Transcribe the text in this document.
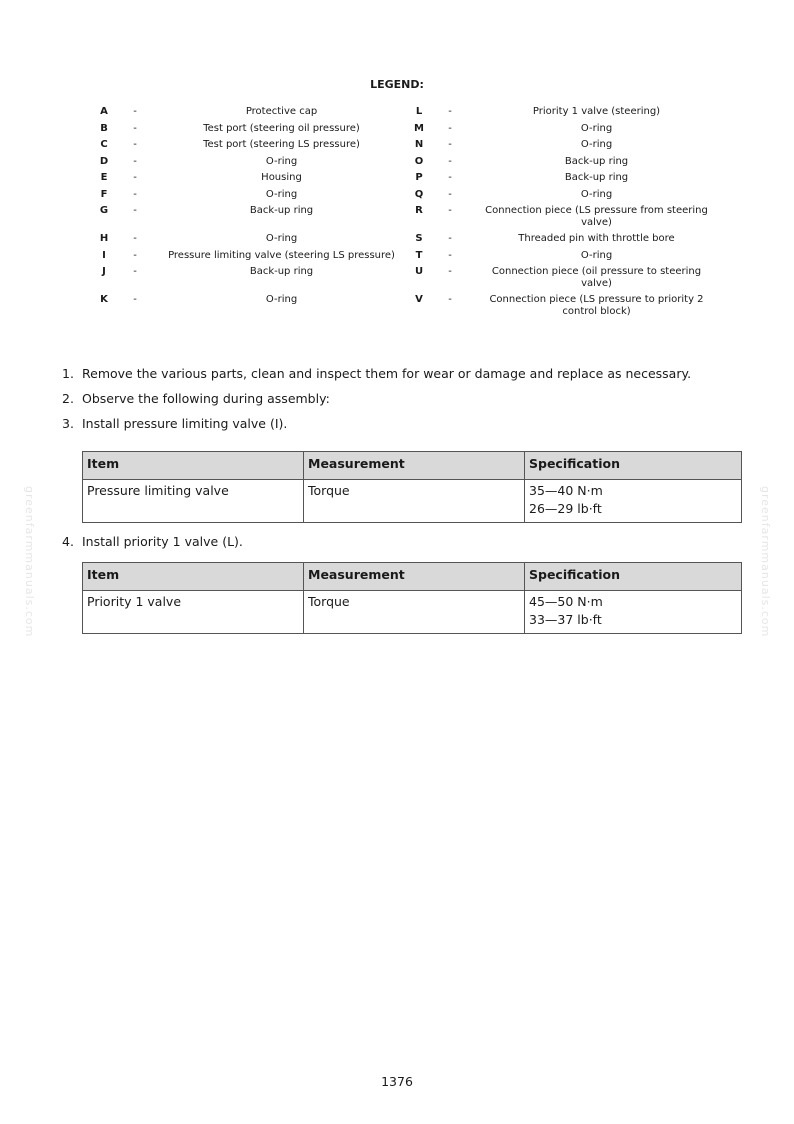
LEGEND:
A	-	Protective cap	L	-	Priority 1 valve (steering)
B	-	Test port (steering oil pressure)	M	-	O-ring
C	-	Test port (steering LS pressure)	N	-	O-ring
D	-	O-ring	O	-	Back-up ring
E	-	Housing	P	-	Back-up ring
F	-	O-ring	Q	-	O-ring
G	-	Back-up ring	R	-	Connection piece (LS pressure from steering valve)
H	-	O-ring	S	-	Threaded pin with throttle bore
I	-	Pressure limiting valve (steering LS pressure)	T	-	O-ring
J	-	Back-up ring	U	-	Connection piece (oil pressure to steering valve)
K	-	O-ring	V	-	Connection piece (LS pressure to priority 2 control block)
1. Remove the various parts, clean and inspect them for wear or damage and replace as necessary.
2. Observe the following during assembly:
3. Install pressure limiting valve (I).
4. Install priority 1 valve (L).
Item	Measurement	Specification
Pressure limiting valve	Torque	35—40 N·m
26—29 lb·ft
Item	Measurement	Specification
Priority 1 valve	Torque	45—50 N·m
33—37 lb·ft
greenfarmmanuals.com	greenfarmmanuals.com
1376
